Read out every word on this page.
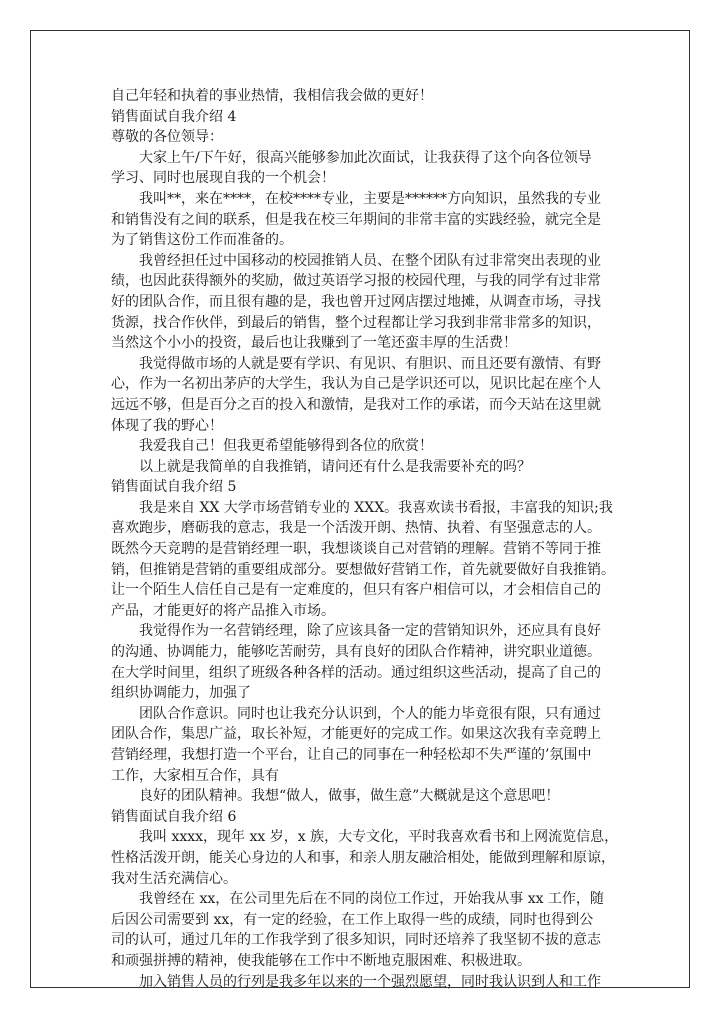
自己年轻和执着的事业热情，我相信我会做的更好！
销售面试自我介绍 4
尊敬的各位领导：
　　大家上午/下午好，很高兴能够参加此次面试，让我获得了这个向各位领导
学习、同时也展现自我的一个机会！
　　我叫**，来在****，在校****专业，主要是******方向知识，虽然我的专业
和销售没有之间的联系，但是我在校三年期间的非常丰富的实践经验，就完全是
为了销售这份工作而准备的。
　　我曾经担任过中国移动的校园推销人员、在整个团队有过非常突出表现的业
绩，也因此获得额外的奖励，做过英语学习报的校园代理，与我的同学有过非常
好的团队合作，而且很有趣的是，我也曾开过网店摆过地摊，从调查市场，寻找
货源，找合作伙伴，到最后的销售，整个过程都让学习我到非常非常多的知识，
当然这个小小的投资，最后也让我赚到了一笔还蛮丰厚的生活费！
　　我觉得做市场的人就是要有学识、有见识、有胆识、而且还要有激情、有野
心，作为一名初出茅庐的大学生，我认为自己是学识还可以，见识比起在座个人
远远不够，但是百分之百的投入和激情，是我对工作的承诺，而今天站在这里就
体现了我的野心！
　　我爱我自己！但我更希望能够得到各位的欣赏！
　　以上就是我简单的自我推销，请问还有什么是我需要补充的吗？
销售面试自我介绍 5
　　我是来自 XX 大学市场营销专业的 XXX。我喜欢读书看报，丰富我的知识;我
喜欢跑步，磨砺我的意志，我是一个活泼开朗、热情、执着、有坚强意志的人。
既然今天竞聘的是营销经理一职，我想谈谈自己对营销的理解。营销不等同于推
销，但推销是营销的重要组成部分。要想做好营销工作，首先就要做好自我推销。
让一个陌生人信任自己是有一定难度的，但只有客户相信可以，才会相信自己的
产品，才能更好的将产品推入市场。
　　我觉得作为一名营销经理，除了应该具备一定的营销知识外，还应具有良好
的沟通、协调能力，能够吃苦耐劳，具有良好的团队合作精神，讲究职业道德。
在大学时间里，组织了班级各种各样的活动。通过组织这些活动，提高了自己的
组织协调能力，加强了
　　团队合作意识。同时也让我充分认识到，个人的能力毕竟很有限，只有通过
团队合作，集思广益，取长补短，才能更好的完成工作。如果这次我有幸竞聘上
营销经理，我想打造一个平台，让自己的同事在一种轻松却不失严谨的’氛围中
工作，大家相互合作，具有
　　良好的团队精神。我想“做人，做事，做生意”大概就是这个意思吧！
销售面试自我介绍 6
　　我叫 xxxx，现年 xx 岁，x 族，大专文化，平时我喜欢看书和上网流览信息，
性格活泼开朗，能关心身边的人和事，和亲人朋友融洽相处，能做到理解和原谅，
我对生活充满信心。
　　我曾经在 xx，在公司里先后在不同的岗位工作过，开始我从事 xx 工作，随
后因公司需要到 xx，有一定的经验，在工作上取得一些的成绩，同时也得到公
司的认可，通过几年的工作我学到了很多知识，同时还培养了我坚韧不拔的意志
和顽强拼搏的精神，使我能够在工作中不断地克服困难、积极进取。
　　加入销售人员的行列是我多年以来的一个强烈愿望，同时我认识到人和工作
